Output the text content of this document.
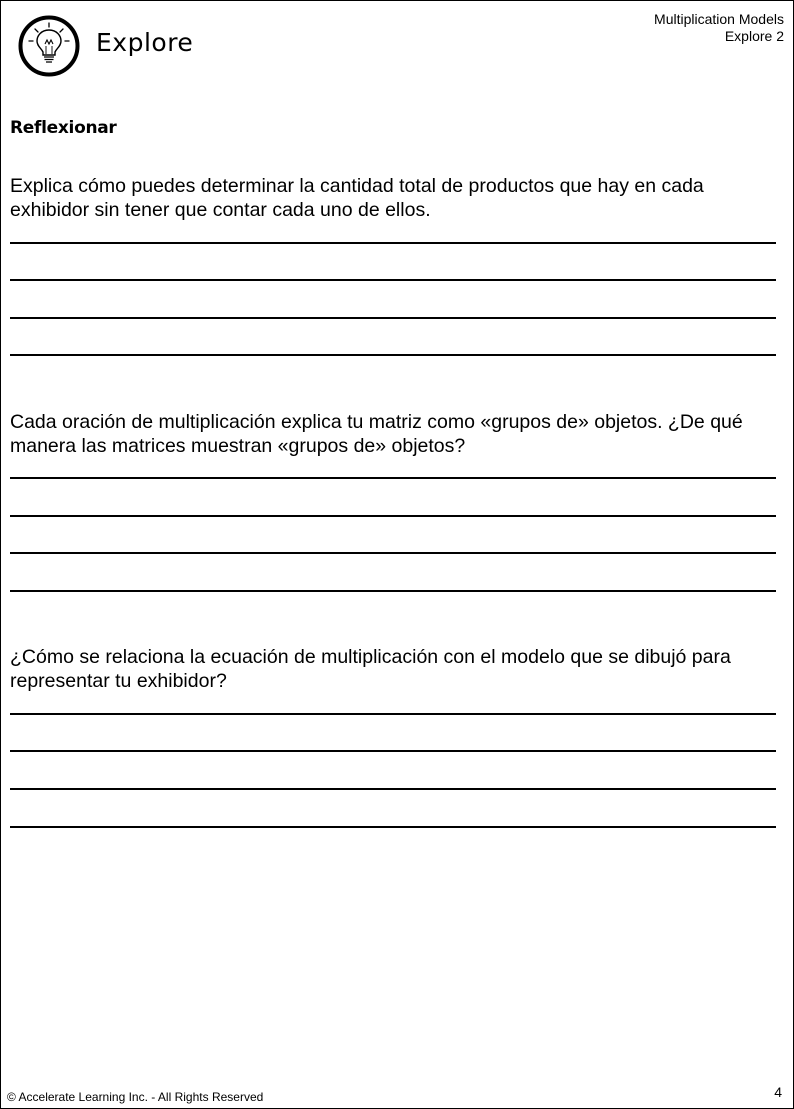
Explore
Multiplication Models
Explore 2
Reflexionar
Explica cómo puedes determinar la cantidad total de productos que hay en cada exhibidor sin tener que contar cada uno de ellos.
Cada oración de multiplicación explica tu matriz como «grupos de» objetos. ¿De qué manera las matrices muestran «grupos de» objetos?
¿Cómo se relaciona la ecuación de multiplicación con el modelo que se dibujó para representar tu exhibidor?
© Accelerate Learning Inc. - All Rights Reserved	4
